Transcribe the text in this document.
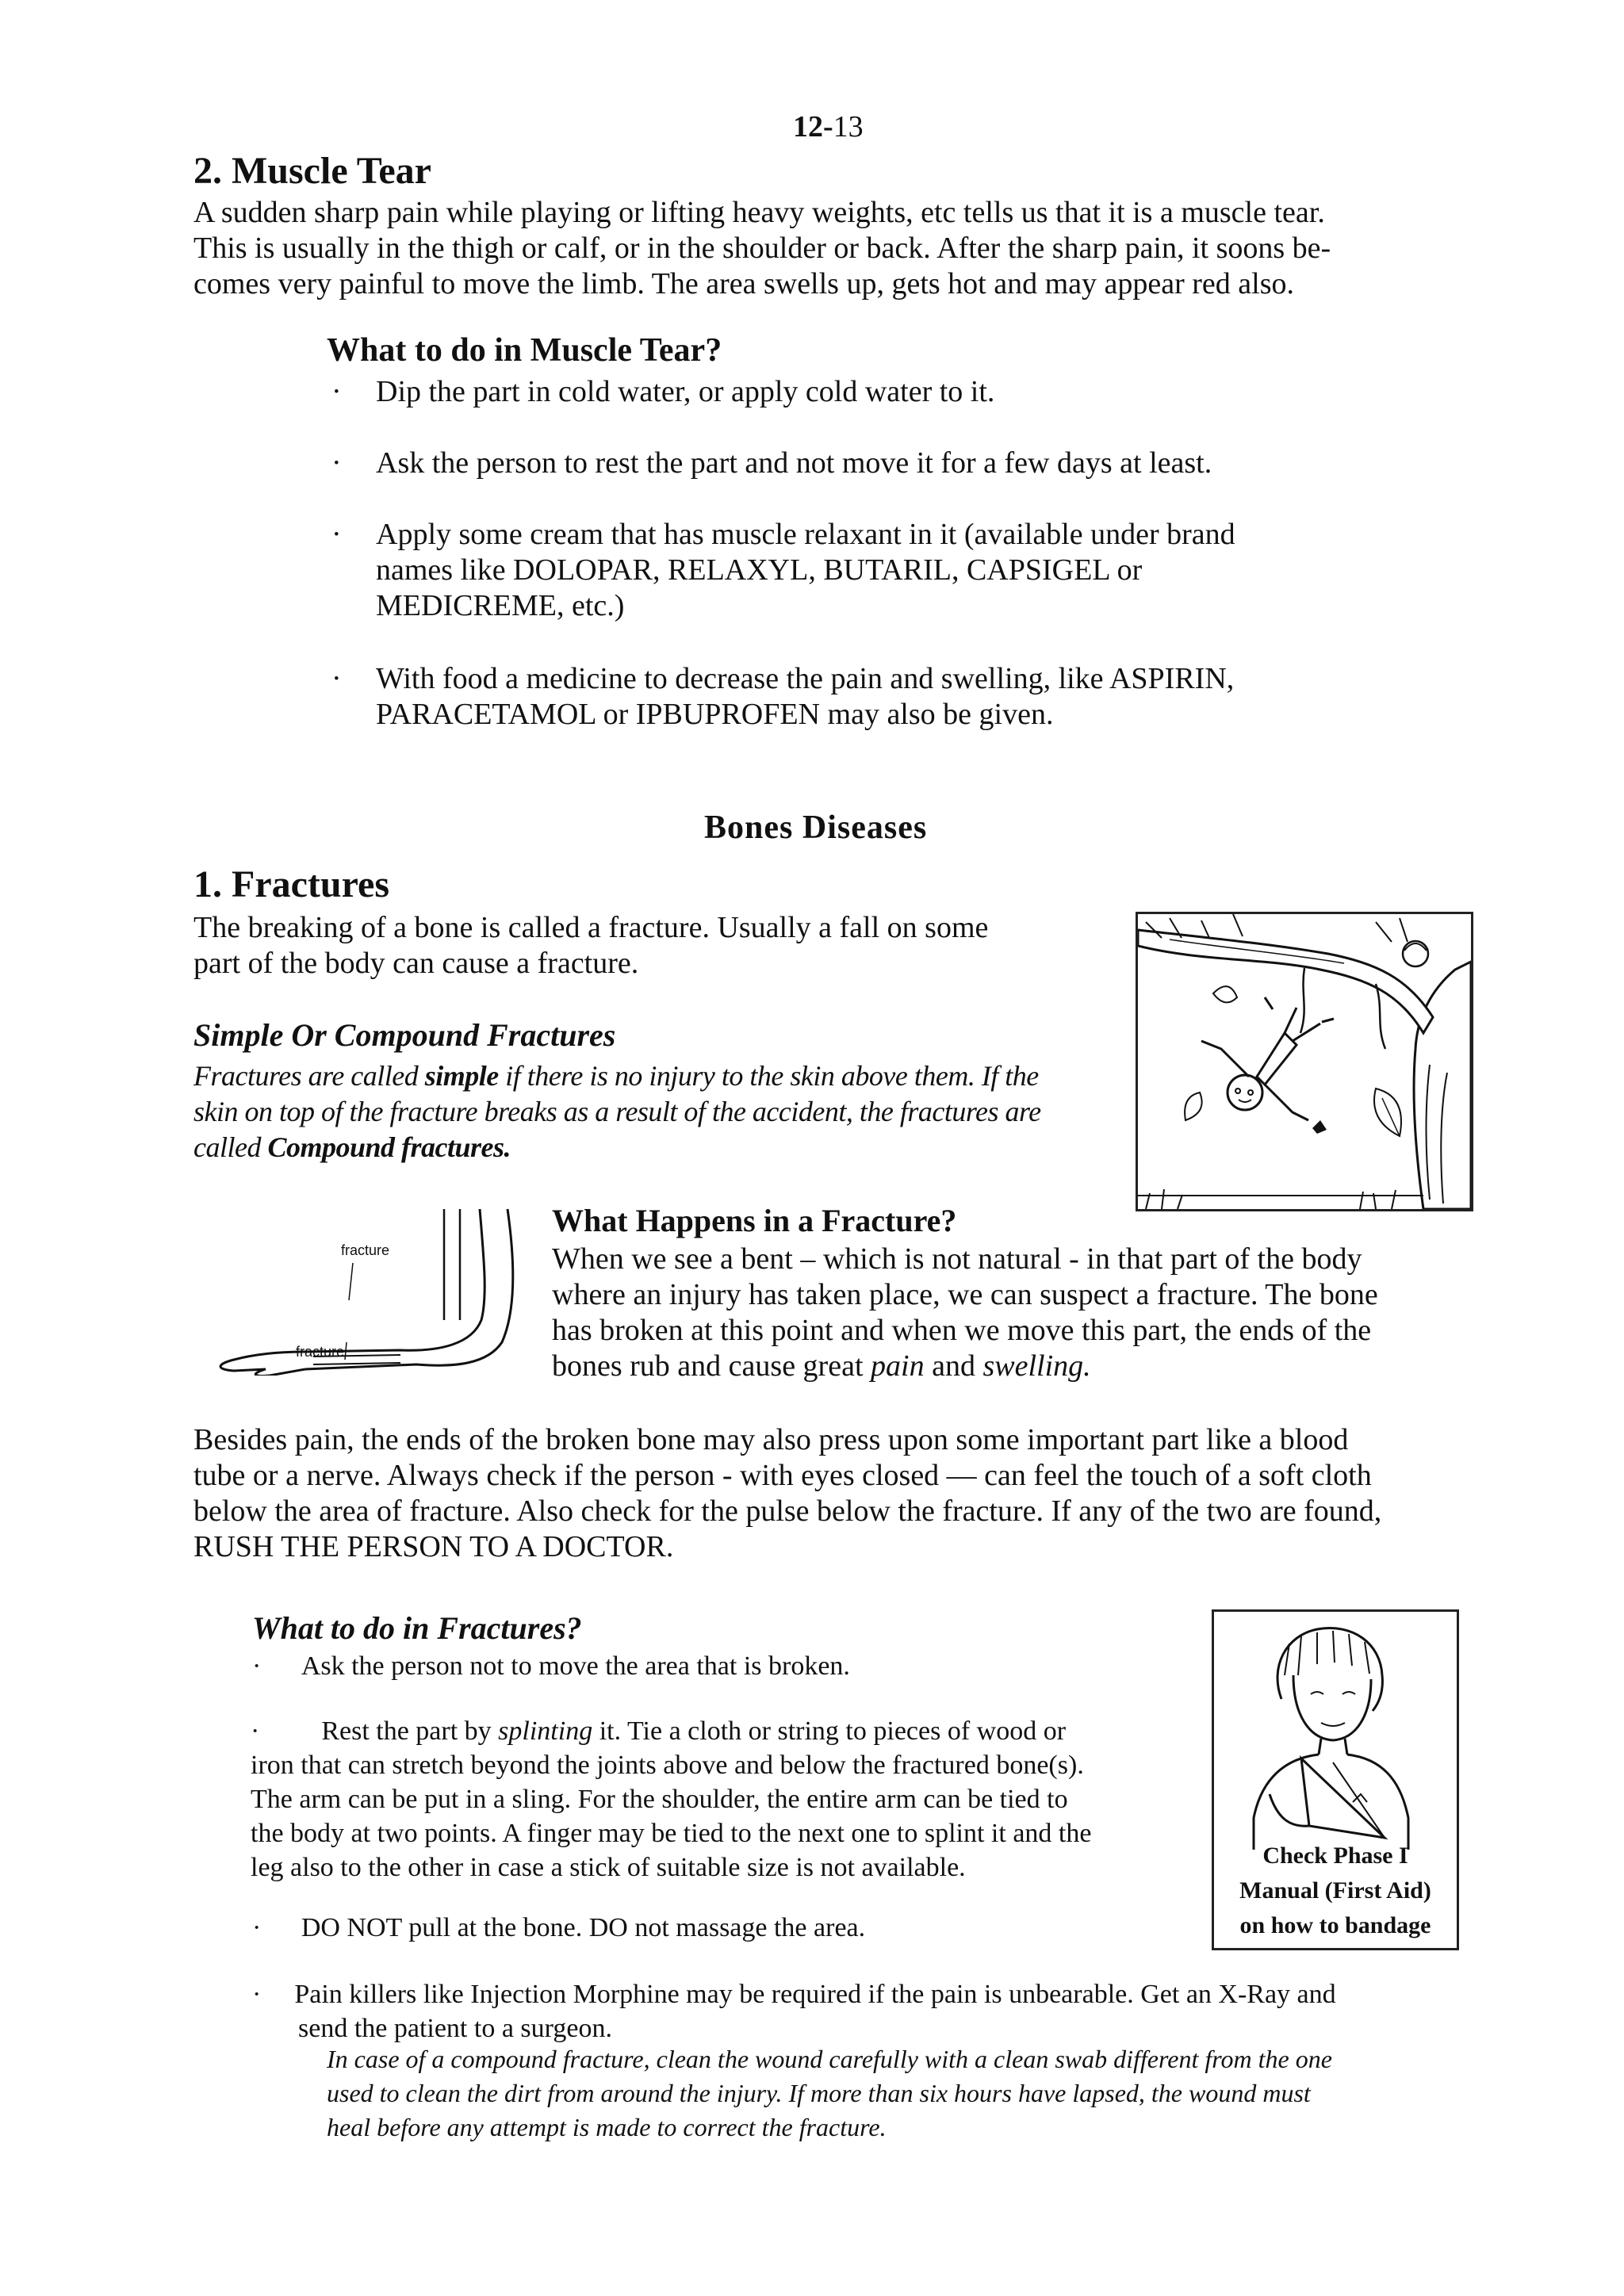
12-13
2. Muscle Tear

A sudden sharp pain while playing or lifting heavy weights, etc tells us that it is a muscle tear.

This is usually in the thigh or calf, or in the shoulder or back. After the sharp pain, it soons be-

comes very painful to move the limb. The area swells up, gets hot and may appear red also.

What to do in Muscle Tear?
· Dip the part in cold water, or apply cold water to it.
· Ask the person to rest the part and not move it for a few days at least.
· Apply some cream that has muscle relaxant in it (available under brand
names like DOLOPAR, RELAXYL, BUTARIL, CAPSIGEL or
MEDICREME, etc.)
· With food a medicine to decrease the pain and swelling, like ASPIRIN,
PARACETAMOL or IPBUPROFEN may also be given.
Bones Diseases
1. Fractures

The breaking of a bone is called a fracture. Usually a fall on some

part of the body can cause a fracture.

Simple Or Compound Fractures
Fractures are called simple if there is no injury to the skin above them. If the
skin on top of the fracture breaks as a result of the accident, the fractures are
called Compound fractures.
fracture
fracture
What Happens in a Fracture?

When we see a bent – which is not natural - in that part of the body

where an injury has taken place, we can suspect a fracture. The bone

has broken at this point and when we move this part, the ends of the

bones rub and cause great pain and swelling.

Besides pain, the ends of the broken bone may also press upon some important part like a blood

tube or a nerve. Always check if the person - with eyes closed — can feel the touch of a soft cloth

below the area of fracture. Also check for the pulse below the fracture. If any of the two are found,

RUSH THE PERSON TO A DOCTOR.

What to do in Fractures?
· Ask the person not to move the area that is broken.
· Rest the part by splinting it. Tie a cloth or string to pieces of wood or
iron that can stretch beyond the joints above and below the fractured bone(s).
The arm can be put in a sling. For the shoulder, the entire arm can be tied to
the body at two points. A finger may be tied to the next one to splint it and the
leg also to the other in case a stick of suitable size is not available.
· DO NOT pull at the bone. DO not massage the area.
· Pain killers like Injection Morphine may be required if the pain is unbearable. Get an X-Ray and
send the patient to a surgeon.
In case of a compound fracture, clean the wound carefully with a clean swab different from the one
used to clean the dirt from around the injury. If more than six hours have lapsed, the wound must
heal before any attempt is made to correct the fracture.
Check Phase I
Manual (First Aid)
on how to bandage
